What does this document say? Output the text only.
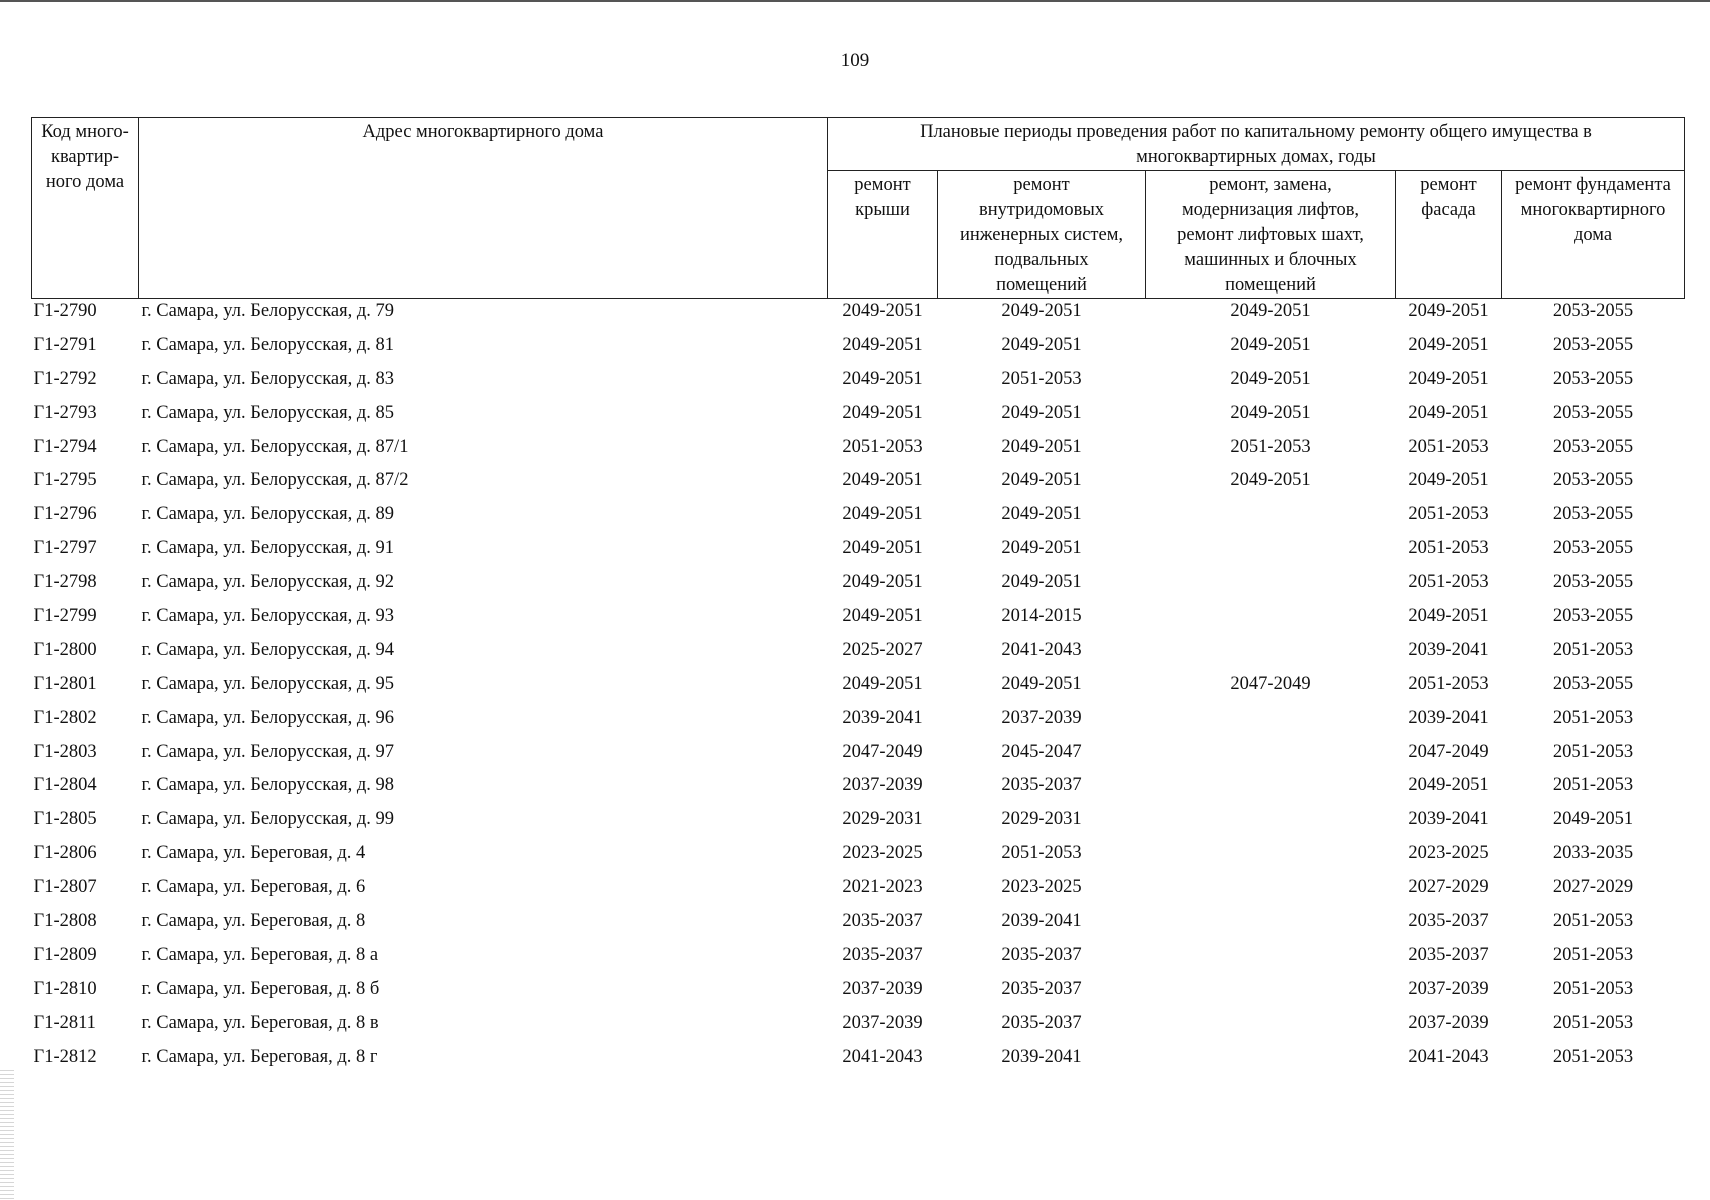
109
Код много-
квартир-
ного дома	Адрес многоквартирного дома	Плановые периоды проведения работ по капитальному ремонту общего имущества в
многоквартирных домах, годы				
		ремонт
крыши	ремонт
внутридомовых
инженерных систем,
подвальных
помещений	ремонт, замена,
модернизация лифтов,
ремонт лифтовых шахт,
машинных и блочных
помещений	ремонт
фасада	ремонт фундамента
многоквартирного
дома
Г1-2790	г. Самара, ул. Белорусская, д. 79	2049-2051	2049-2051	2049-2051	2049-2051	2053-2055
Г1-2791	г. Самара, ул. Белорусская, д. 81	2049-2051	2049-2051	2049-2051	2049-2051	2053-2055
Г1-2792	г. Самара, ул. Белорусская, д. 83	2049-2051	2051-2053	2049-2051	2049-2051	2053-2055
Г1-2793	г. Самара, ул. Белорусская, д. 85	2049-2051	2049-2051	2049-2051	2049-2051	2053-2055
Г1-2794	г. Самара, ул. Белорусская, д. 87/1	2051-2053	2049-2051	2051-2053	2051-2053	2053-2055
Г1-2795	г. Самара, ул. Белорусская, д. 87/2	2049-2051	2049-2051	2049-2051	2049-2051	2053-2055
Г1-2796	г. Самара, ул. Белорусская, д. 89	2049-2051	2049-2051		2051-2053	2053-2055
Г1-2797	г. Самара, ул. Белорусская, д. 91	2049-2051	2049-2051		2051-2053	2053-2055
Г1-2798	г. Самара, ул. Белорусская, д. 92	2049-2051	2049-2051		2051-2053	2053-2055
Г1-2799	г. Самара, ул. Белорусская, д. 93	2049-2051	2014-2015		2049-2051	2053-2055
Г1-2800	г. Самара, ул. Белорусская, д. 94	2025-2027	2041-2043		2039-2041	2051-2053
Г1-2801	г. Самара, ул. Белорусская, д. 95	2049-2051	2049-2051	2047-2049	2051-2053	2053-2055
Г1-2802	г. Самара, ул. Белорусская, д. 96	2039-2041	2037-2039		2039-2041	2051-2053
Г1-2803	г. Самара, ул. Белорусская, д. 97	2047-2049	2045-2047		2047-2049	2051-2053
Г1-2804	г. Самара, ул. Белорусская, д. 98	2037-2039	2035-2037		2049-2051	2051-2053
Г1-2805	г. Самара, ул. Белорусская, д. 99	2029-2031	2029-2031		2039-2041	2049-2051
Г1-2806	г. Самара, ул. Береговая, д. 4	2023-2025	2051-2053		2023-2025	2033-2035
Г1-2807	г. Самара, ул. Береговая, д. 6	2021-2023	2023-2025		2027-2029	2027-2029
Г1-2808	г. Самара, ул. Береговая, д. 8	2035-2037	2039-2041		2035-2037	2051-2053
Г1-2809	г. Самара, ул. Береговая, д. 8 а	2035-2037	2035-2037		2035-2037	2051-2053
Г1-2810	г. Самара, ул. Береговая, д. 8 б	2037-2039	2035-2037		2037-2039	2051-2053
Г1-2811	г. Самара, ул. Береговая, д. 8 в	2037-2039	2035-2037		2037-2039	2051-2053
Г1-2812	г. Самара, ул. Береговая, д. 8 г	2041-2043	2039-2041		2041-2043	2051-2053
